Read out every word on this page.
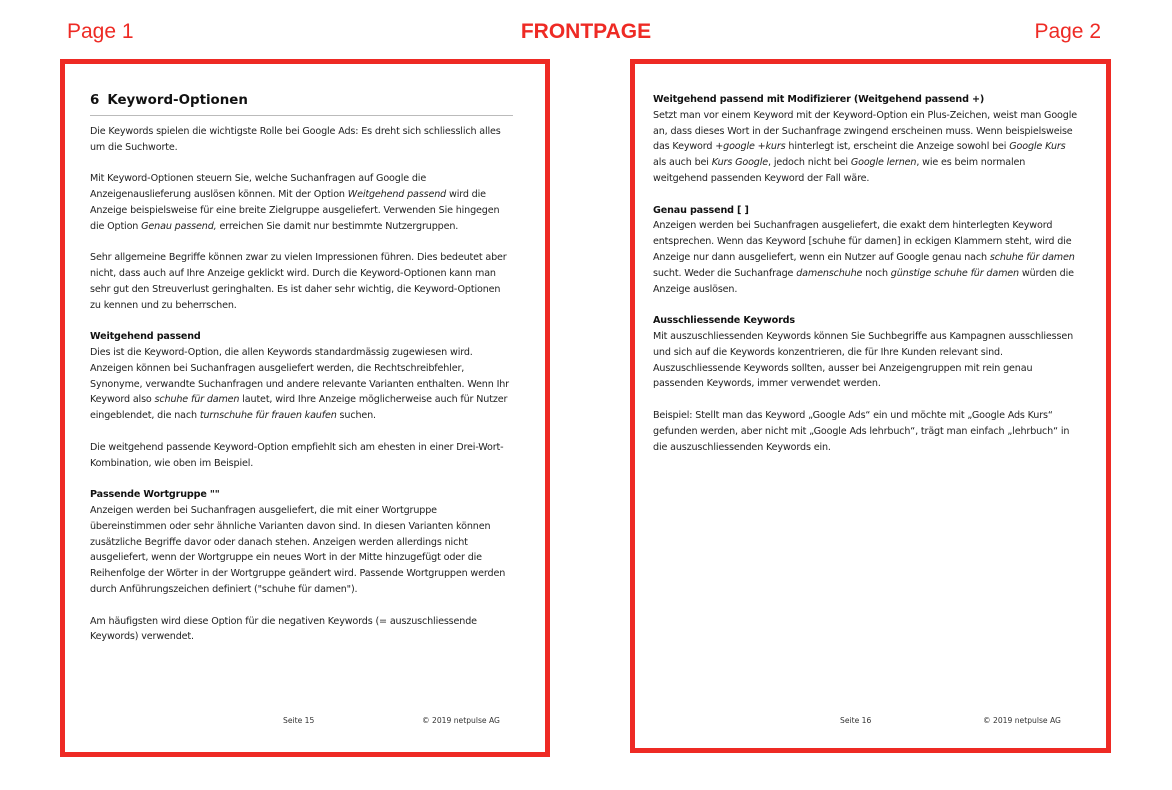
Page 1	FRONTPAGE	Page 2
6 Keyword-Optionen

Die Keywords spielen die wichtigste Rolle bei Google Ads: Es dreht sich schliesslich alles um die Suchworte.

Mit Keyword-Optionen steuern Sie, welche Suchanfragen auf Google die Anzeigenauslieferung auslösen können. Mit der Option Weitgehend passend wird die Anzeige beispielsweise für eine breite Zielgruppe ausgeliefert. Verwenden Sie hingegen die Option Genau passend, erreichen Sie damit nur bestimmte Nutzergruppen.

Sehr allgemeine Begriffe können zwar zu vielen Impressionen führen. Dies bedeutet aber nicht, dass auch auf Ihre Anzeige geklickt wird. Durch die Keyword-Optionen kann man sehr gut den Streuverlust geringhalten. Es ist daher sehr wichtig, die Keyword-Optionen zu kennen und zu beherrschen.

Weitgehend passend

Dies ist die Keyword-Option, die allen Keywords standardmässig zugewiesen wird. Anzeigen können bei Suchanfragen ausgeliefert werden, die Rechtschreibfehler, Synonyme, verwandte Suchanfragen und andere relevante Varianten enthalten. Wenn Ihr Keyword also schuhe für damen lautet, wird Ihre Anzeige möglicherweise auch für Nutzer eingeblendet, die nach turnschuhe für frauen kaufen suchen.

Die weitgehend passende Keyword-Option empfiehlt sich am ehesten in einer Drei-Wort-Kombination, wie oben im Beispiel.

Passende Wortgruppe ""

Anzeigen werden bei Suchanfragen ausgeliefert, die mit einer Wortgruppe übereinstimmen oder sehr ähnliche Varianten davon sind. In diesen Varianten können zusätzliche Begriffe davor oder danach stehen. Anzeigen werden allerdings nicht ausgeliefert, wenn der Wortgruppe ein neues Wort in der Mitte hinzugefügt oder die Reihenfolge der Wörter in der Wortgruppe geändert wird. Passende Wortgruppen werden durch Anführungszeichen definiert ("schuhe für damen").

Am häufigsten wird diese Option für die negativen Keywords (= auszuschliessende Keywords) verwendet.

Seite 15	© 2019 netpulse AG
Weitgehend passend mit Modifizierer (Weitgehend passend +)

Setzt man vor einem Keyword mit der Keyword-Option ein Plus-Zeichen, weist man Google an, dass dieses Wort in der Suchanfrage zwingend erscheinen muss. Wenn beispielsweise das Keyword +google +kurs hinterlegt ist, erscheint die Anzeige sowohl bei Google Kurs als auch bei Kurs Google, jedoch nicht bei Google lernen, wie es beim normalen weitgehend passenden Keyword der Fall wäre.

Genau passend [ ]

Anzeigen werden bei Suchanfragen ausgeliefert, die exakt dem hinterlegten Keyword entsprechen. Wenn das Keyword [schuhe für damen] in eckigen Klammern steht, wird die Anzeige nur dann ausgeliefert, wenn ein Nutzer auf Google genau nach schuhe für damen sucht. Weder die Suchanfrage damenschuhe noch günstige schuhe für damen würden die Anzeige auslösen.

Ausschliessende Keywords

Mit auszuschliessenden Keywords können Sie Suchbegriffe aus Kampagnen ausschliessen und sich auf die Keywords konzentrieren, die für Ihre Kunden relevant sind. Auszuschliessende Keywords sollten, ausser bei Anzeigengruppen mit rein genau passenden Keywords, immer verwendet werden.

Beispiel: Stellt man das Keyword „Google Ads“ ein und möchte mit „Google Ads Kurs“ gefunden werden, aber nicht mit „Google Ads lehrbuch“, trägt man einfach „lehrbuch“ in die auszuschliessenden Keywords ein.

Seite 16	© 2019 netpulse AG
